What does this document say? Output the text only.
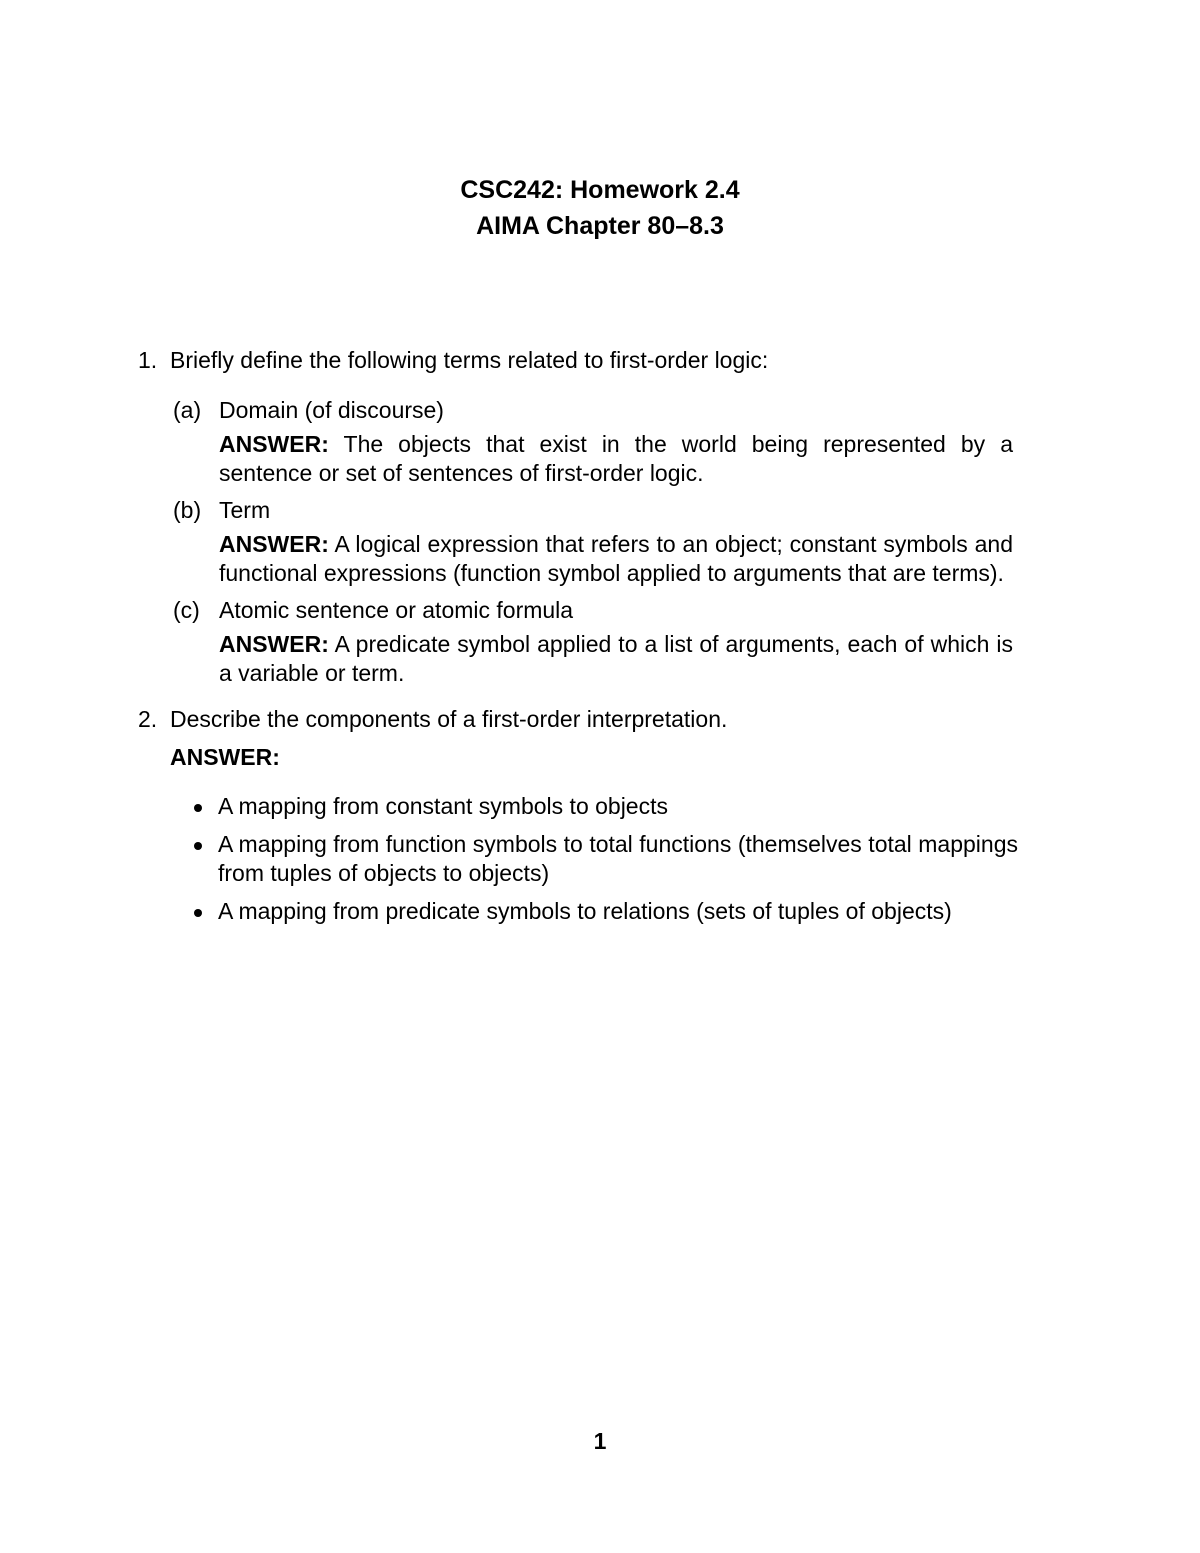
CSC242: Homework 2.4
AIMA Chapter 80–8.3
1. Briefly define the following terms related to first-order logic:
(a) Domain (of discourse)
ANSWER: The objects that exist in the world being represented by a sentence or set of sentences of first-order logic.
(b) Term
ANSWER: A logical expression that refers to an object; constant symbols and functional expressions (function symbol applied to arguments that are terms).
(c) Atomic sentence or atomic formula
ANSWER: A predicate symbol applied to a list of arguments, each of which is a variable or term.
2. Describe the components of a first-order interpretation.
ANSWER:
A mapping from constant symbols to objects
A mapping from function symbols to total functions (themselves total mappings from tuples of objects to objects)
A mapping from predicate symbols to relations (sets of tuples of objects)
1
